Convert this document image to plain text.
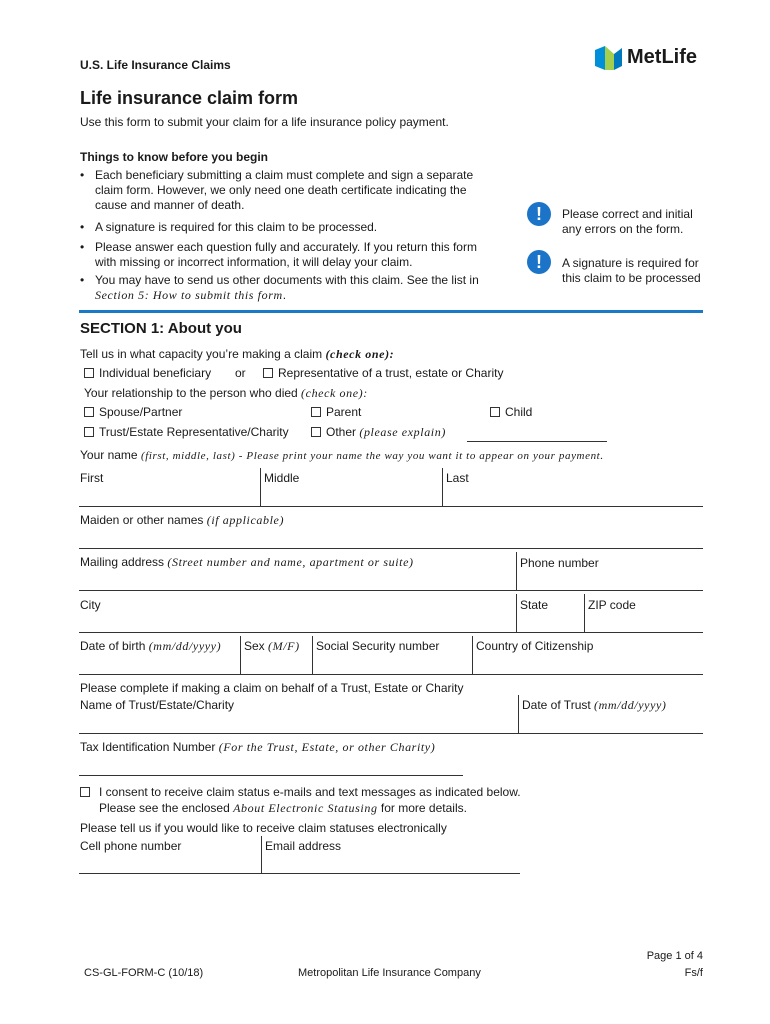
U.S. Life Insurance Claims	MetLife
Life insurance claim form
Use this form to submit your claim for a life insurance policy payment.
Things to know before you begin
• Each beneficiary submitting a claim must complete and sign a separate claim form. However, we only need one death certificate indicating the cause and manner of death.
• A signature is required for this claim to be processed.
• Please answer each question fully and accurately. If you return this form with missing or incorrect information, it will delay your claim.
• You may have to send us other documents with this claim. See the list in Section 5: How to submit this form.
!	Please correct and initial any errors on the form.
!	A signature is required for this claim to be processed
SECTION 1: About you
Tell us in what capacity you’re making a claim (check one):
Individual beneficiary or	Representative of a trust, estate or Charity
Your relationship to the person who died (check one):
Spouse/Partner	Parent	Child
Trust/Estate Representative/Charity	Other (please explain)
Your name (first, middle, last) - Please print your name the way you want it to appear on your payment.
First	Middle	Last
Maiden or other names (if applicable)
Mailing address (Street number and name, apartment or suite)	Phone number
City	State	ZIP code
Date of birth (mm/dd/yyyy) Sex (M/F) Social Security number	Country of Citizenship
Please complete if making a claim on behalf of a Trust, Estate or Charity
Name of Trust/Estate/Charity	Date of Trust (mm/dd/yyyy)
Tax Identification Number (For the Trust, Estate, or other Charity)
I consent to receive claim status e-mails and text messages as indicated below.
Please see the enclosed About Electronic Statusing for more details.
Please tell us if you would like to receive claim statuses electronically
Cell phone number	Email address
CS-GL-FORM-C (10/18)	Metropolitan Life Insurance Company
Page 1 of 4
Fs/f
